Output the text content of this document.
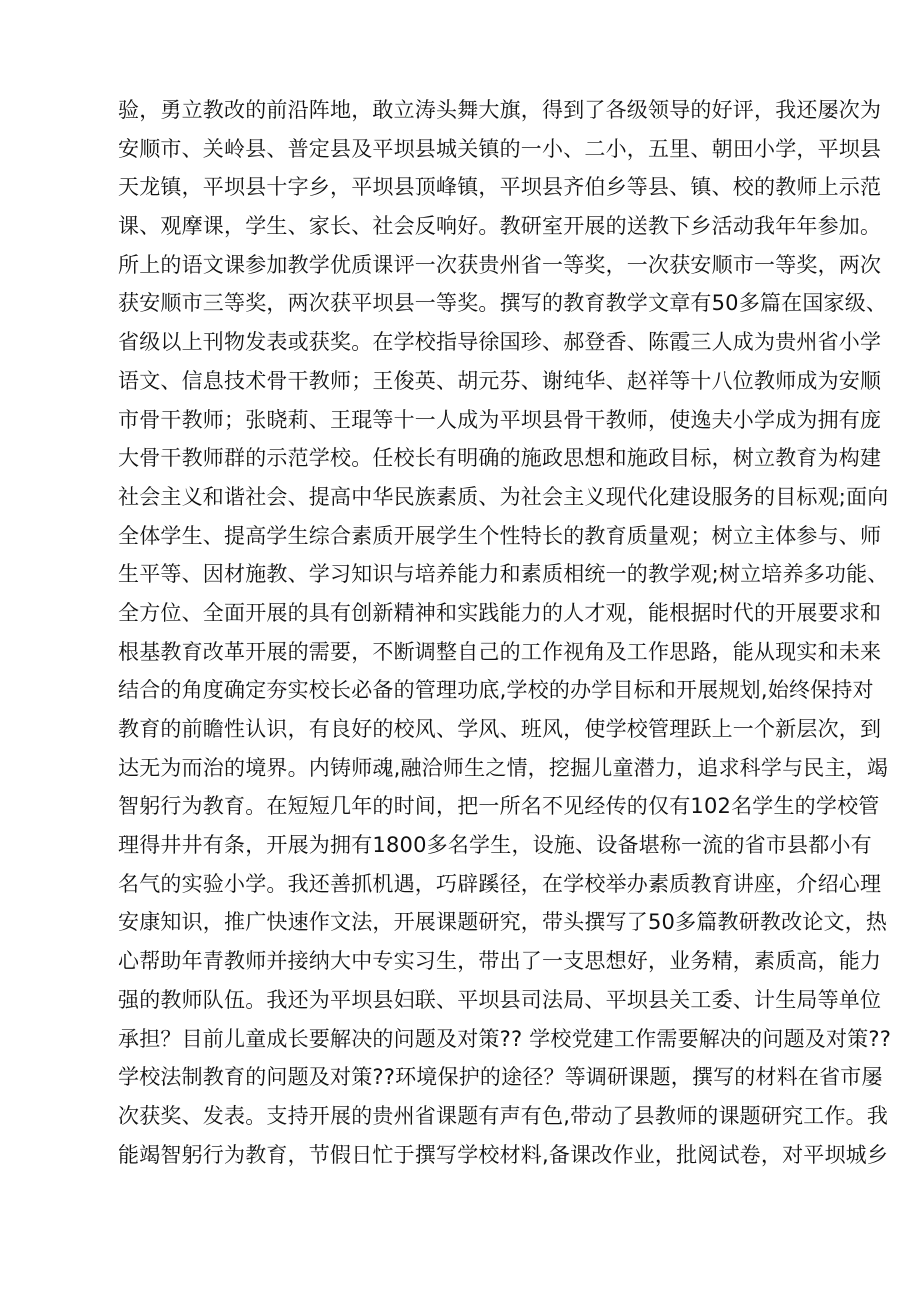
验，勇立教改的前沿阵地，敢立涛头舞大旗，得到了各级领导的好评，我还屡次为
安顺市、关岭县、普定县及平坝县城关镇的一小、二小，五里、朝田小学，平坝县
天龙镇，平坝县十字乡，平坝县顶峰镇，平坝县齐伯乡等县、镇、校的教师上示范
课、观摩课，学生、家长、社会反响好。教研室开展的送教下乡活动我年年参加。
所上的语文课参加教学优质课评一次获贵州省一等奖，一次获安顺市一等奖，两次
获安顺市三等奖，两次获平坝县一等奖。撰写的教育教学文章有50多篇在国家级、
省级以上刊物发表或获奖。在学校指导徐国珍、郝登香、陈霞三人成为贵州省小学
语文、信息技术骨干教师；王俊英、胡元芬、谢纯华、赵祥等十八位教师成为安顺
市骨干教师；张晓莉、王琨等十一人成为平坝县骨干教师，使逸夫小学成为拥有庞
大骨干教师群的示范学校。任校长有明确的施政思想和施政目标，树立教育为构建
社会主义和谐社会、提高中华民族素质、为社会主义现代化建设服务的目标观;面向
全体学生、提高学生综合素质开展学生个性特长的教育质量观；树立主体参与、师
生平等、因材施教、学习知识与培养能力和素质相统一的教学观;树立培养多功能、
全方位、全面开展的具有创新精神和实践能力的人才观，能根据时代的开展要求和
根基教育改革开展的需要，不断调整自己的工作视角及工作思路，能从现实和未来
结合的角度确定夯实校长必备的管理功底,学校的办学目标和开展规划,始终保持对
教育的前瞻性认识，有良好的校风、学风、班风，使学校管理跃上一个新层次，到
达无为而治的境界。内铸师魂,融洽师生之情，挖掘儿童潜力，追求科学与民主，竭
智躬行为教育。在短短几年的时间，把一所名不见经传的仅有102名学生的学校管
理得井井有条，开展为拥有1800多名学生，设施、设备堪称一流的省市县都小有
名气的实验小学。我还善抓机遇，巧辟蹊径，在学校举办素质教育讲座，介绍心理
安康知识，推广快速作文法，开展课题研究，带头撰写了50多篇教研教改论文，热
心帮助年青教师并接纳大中专实习生，带出了一支思想好，业务精，素质高，能力
强的教师队伍。我还为平坝县妇联、平坝县司法局、平坝县关工委、计生局等单位
承担？目前儿童成长要解决的问题及对策?? 学校党建工作需要解决的问题及对策??
学校法制教育的问题及对策??环境保护的途径？等调研课题，撰写的材料在省市屡
次获奖、发表。支持开展的贵州省课题有声有色,带动了县教师的课题研究工作。我
能竭智躬行为教育，节假日忙于撰写学校材料,备课改作业，批阅试卷，对平坝城乡
